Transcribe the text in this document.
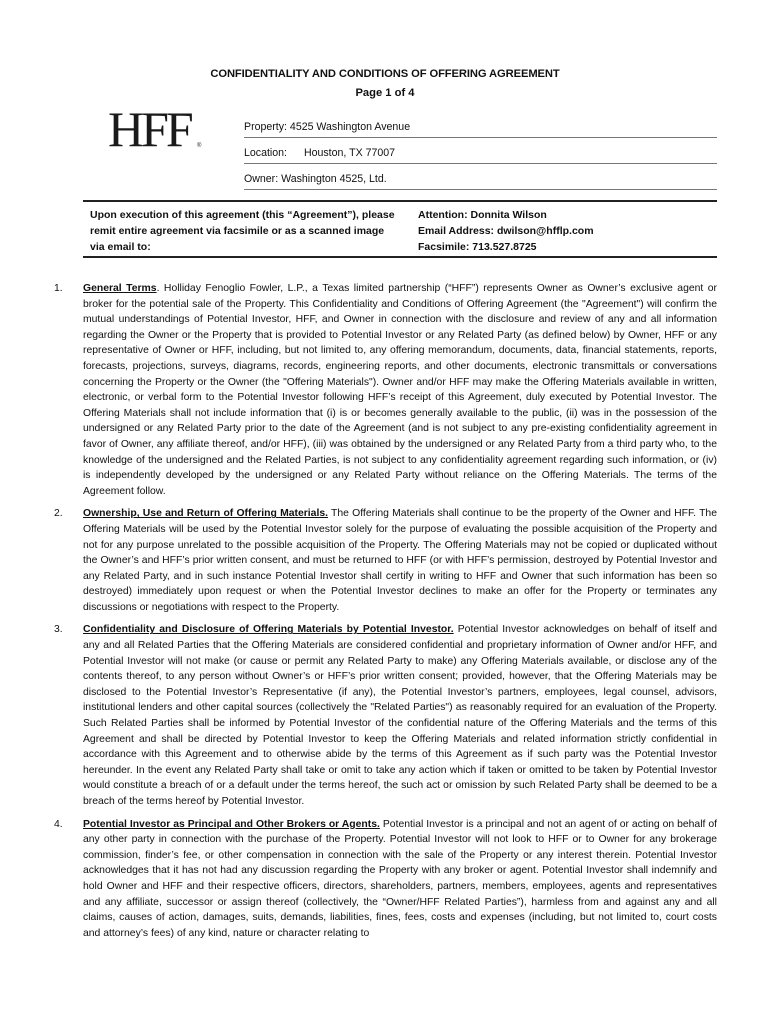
CONFIDENTIALITY AND CONDITIONS OF OFFERING AGREEMENT
Page 1 of 4
HFF ®
Property: 4525 Washington Avenue
Location: Houston, TX 77007
Owner: Washington 4525, Ltd.
Upon execution of this agreement (this “Agreement”), please remit entire agreement via facsimile or as a scanned image via email to:
Attention: Donnita Wilson
Email Address: dwilson@hfflp.com
Facsimile: 713.527.8725
1. General Terms. Holliday Fenoglio Fowler, L.P., a Texas limited partnership (“HFF”) represents Owner as Owner’s exclusive agent or broker for the potential sale of the Property. This Confidentiality and Conditions of Offering Agreement (the "Agreement") will confirm the mutual understandings of Potential Investor, HFF, and Owner in connection with the disclosure and review of any and all information regarding the Owner or the Property that is provided to Potential Investor or any Related Party (as defined below) by Owner, HFF or any representative of Owner or HFF, including, but not limited to, any offering memorandum, documents, data, financial statements, reports, forecasts, projections, surveys, diagrams, records, engineering reports, and other documents, electronic transmittals or conversations concerning the Property or the Owner (the "Offering Materials"). Owner and/or HFF may make the Offering Materials available in written, electronic, or verbal form to the Potential Investor following HFF’s receipt of this Agreement, duly executed by Potential Investor. The Offering Materials shall not include information that (i) is or becomes generally available to the public, (ii) was in the possession of the undersigned or any Related Party prior to the date of the Agreement (and is not subject to any pre-existing confidentiality agreement in favor of Owner, any affiliate thereof, and/or HFF), (iii) was obtained by the undersigned or any Related Party from a third party who, to the knowledge of the undersigned and the Related Parties, is not subject to any confidentiality agreement regarding such information, or (iv) is independently developed by the undersigned or any Related Party without reliance on the Offering Materials. The terms of the Agreement follow.
2. Ownership, Use and Return of Offering Materials. The Offering Materials shall continue to be the property of the Owner and HFF. The Offering Materials will be used by the Potential Investor solely for the purpose of evaluating the possible acquisition of the Property and not for any purpose unrelated to the possible acquisition of the Property. The Offering Materials may not be copied or duplicated without the Owner’s and HFF’s prior written consent, and must be returned to HFF (or with HFF’s permission, destroyed by Potential Investor and any Related Party, and in such instance Potential Investor shall certify in writing to HFF and Owner that such information has been so destroyed) immediately upon request or when the Potential Investor declines to make an offer for the Property or terminates any discussions or negotiations with respect to the Property.
3. Confidentiality and Disclosure of Offering Materials by Potential Investor. Potential Investor acknowledges on behalf of itself and any and all Related Parties that the Offering Materials are considered confidential and proprietary information of Owner and/or HFF, and Potential Investor will not make (or cause or permit any Related Party to make) any Offering Materials available, or disclose any of the contents thereof, to any person without Owner’s or HFF’s prior written consent; provided, however, that the Offering Materials may be disclosed to the Potential Investor’s Representative (if any), the Potential Investor’s partners, employees, legal counsel, advisors, institutional lenders and other capital sources (collectively the "Related Parties") as reasonably required for an evaluation of the Property. Such Related Parties shall be informed by Potential Investor of the confidential nature of the Offering Materials and the terms of this Agreement and shall be directed by Potential Investor to keep the Offering Materials and related information strictly confidential in accordance with this Agreement and to otherwise abide by the terms of this Agreement as if such party was the Potential Investor hereunder. In the event any Related Party shall take or omit to take any action which if taken or omitted to be taken by Potential Investor would constitute a breach of or a default under the terms hereof, the such act or omission by such Related Party shall be deemed to be a breach of the terms hereof by Potential Investor.
4. Potential Investor as Principal and Other Brokers or Agents. Potential Investor is a principal and not an agent of or acting on behalf of any other party in connection with the purchase of the Property. Potential Investor will not look to HFF or to Owner for any brokerage commission, finder’s fee, or other compensation in connection with the sale of the Property or any interest therein. Potential Investor acknowledges that it has not had any discussion regarding the Property with any broker or agent. Potential Investor shall indemnify and hold Owner and HFF and their respective officers, directors, shareholders, partners, members, employees, agents and representatives and any affiliate, successor or assign thereof (collectively, the “Owner/HFF Related Parties”), harmless from and against any and all claims, causes of action, damages, suits, demands, liabilities, fines, fees, costs and expenses (including, but not limited to, court costs and attorney’s fees) of any kind, nature or character relating to
